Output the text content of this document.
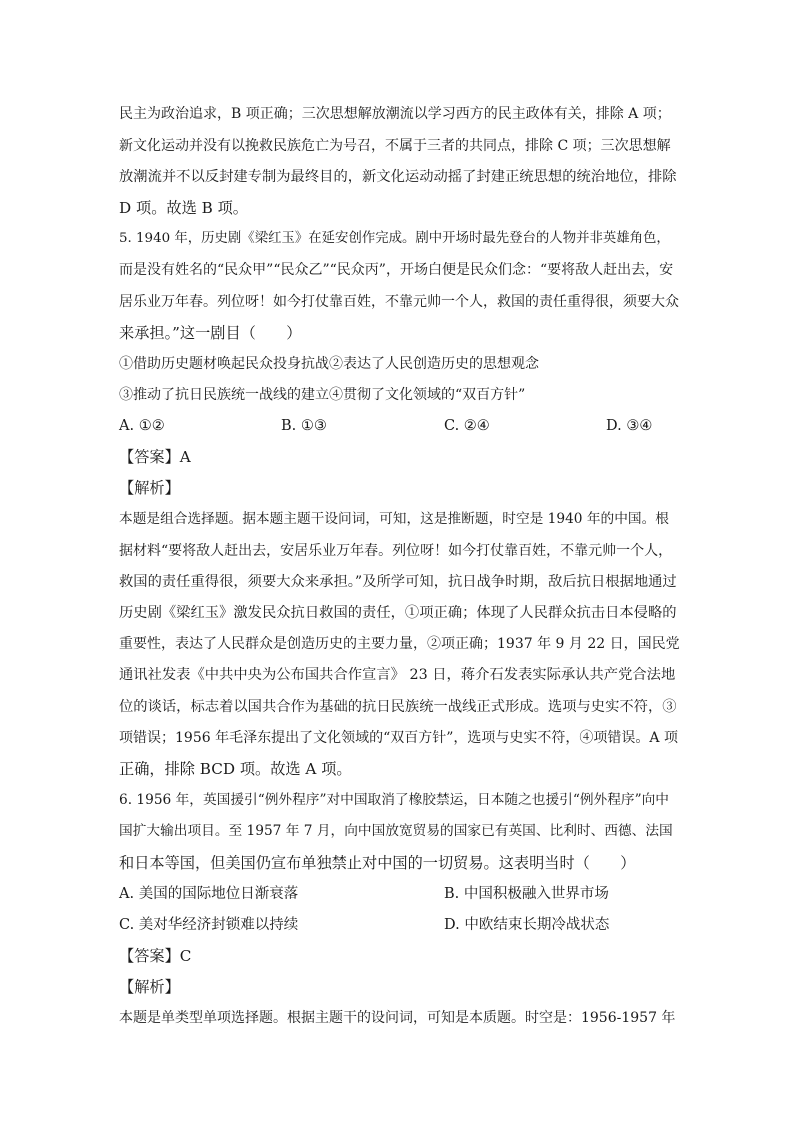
民主为政治追求，B 项正确；三次思想解放潮流以学习西方的民主政体有关，排除 A 项；
新文化运动并没有以挽救民族危亡为号召，不属于三者的共同点，排除 C 项；三次思想解
放潮流并不以反封建专制为最终目的，新文化运动动摇了封建正统思想的统治地位，排除
D 项。故选 B 项。
5. 1940 年，历史剧《梁红玉》在延安创作完成。剧中开场时最先登台的人物并非英雄角色，
而是没有姓名的“民众甲”“民众乙”“民众丙”，开场白便是民众们念：“要将敌人赶出去，安
居乐业万年春。列位呀！如今打仗靠百姓，不靠元帅一个人，救国的责任重得很，须要大众
来承担。”这一剧目（　　）
①借助历史题材唤起民众投身抗战②表达了人民创造历史的思想观念
③推动了抗日民族统一战线的建立④贯彻了文化领域的“双百方针”
A. ①②	B. ①③	C. ②④	D. ③④
【答案】A
【解析】
本题是组合选择题。据本题主题干设问词，可知，这是推断题，时空是 1940 年的中国。根
据材料“要将敌人赶出去，安居乐业万年春。列位呀！如今打仗靠百姓，不靠元帅一个人，
救国的责任重得很，须要大众来承担。”及所学可知，抗日战争时期，敌后抗日根据地通过
历史剧《梁红玉》激发民众抗日救国的责任，①项正确；体现了人民群众抗击日本侵略的
重要性，表达了人民群众是创造历史的主要力量，②项正确；1937 年 9 月 22 日，国民党
通讯社发表《中共中央为公布国共合作宣言》 23 日，蒋介石发表实际承认共产党合法地
位的谈话，标志着以国共合作为基础的抗日民族统一战线正式形成。选项与史实不符，③
项错误；1956 年毛泽东提出了文化领域的“双百方针”，选项与史实不符，④项错误。A 项
正确，排除 BCD 项。故选 A 项。
6. 1956 年，英国援引“例外程序”对中国取消了橡胶禁运，日本随之也援引“例外程序”向中
国扩大输出项目。至 1957 年 7 月，向中国放宽贸易的国家已有英国、比利时、西德、法国
和日本等国，但美国仍宣布单独禁止对中国的一切贸易。这表明当时（　　）
A. 美国的国际地位日渐衰落	B. 中国积极融入世界市场
C. 美对华经济封锁难以持续	D. 中欧结束长期冷战状态
【答案】C
【解析】
本题是单类型单项选择题。根据主题干的设问词，可知是本质题。时空是：1956-1957 年
